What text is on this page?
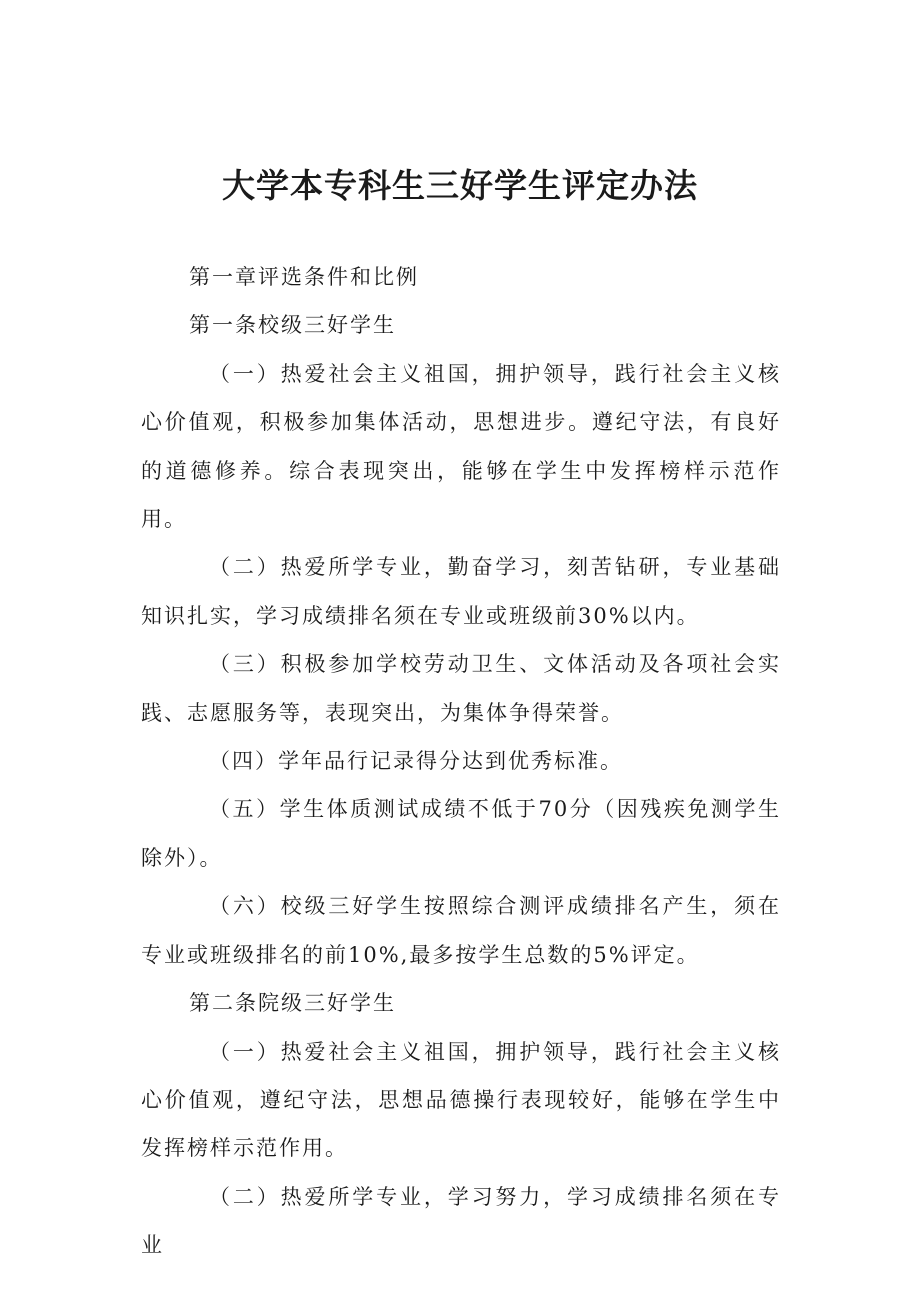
大学本专科生三好学生评定办法

第一章评选条件和比例

第一条校级三好学生

（一）热爱社会主义祖国，拥护领导，践行社会主义核心价值观，积极参加集体活动，思想进步。遵纪守法，有良好的道德修养。综合表现突出，能够在学生中发挥榜样示范作用。

（二）热爱所学专业，勤奋学习，刻苦钻研，专业基础知识扎实，学习成绩排名须在专业或班级前30%以内。

（三）积极参加学校劳动卫生、文体活动及各项社会实践、志愿服务等，表现突出，为集体争得荣誉。

（四）学年品行记录得分达到优秀标准。

（五）学生体质测试成绩不低于70分（因残疾免测学生除外）。

（六）校级三好学生按照综合测评成绩排名产生，须在专业或班级排名的前10%,最多按学生总数的5%评定。

第二条院级三好学生

（一）热爱社会主义祖国，拥护领导，践行社会主义核心价值观，遵纪守法，思想品德操行表现较好，能够在学生中发挥榜样示范作用。

（二）热爱所学专业，学习努力，学习成绩排名须在专业
